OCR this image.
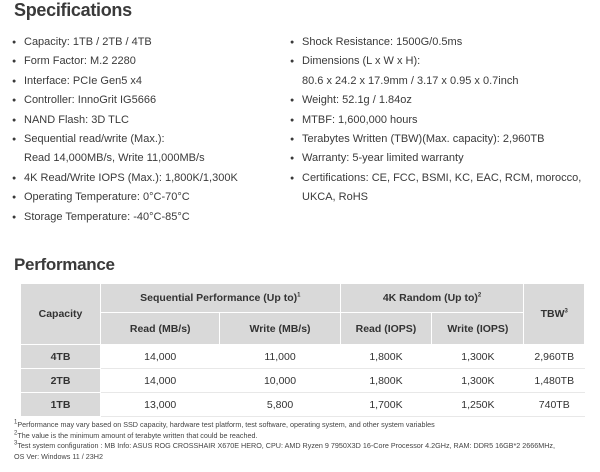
Specifications
● Capacity: 1TB / 2TB / 4TB
● Form Factor: M.2 2280
● Interface: PCIe Gen5 x4
● Controller: InnoGrit IG5666
● NAND Flash: 3D TLC
● Sequential read/write (Max.):
Read 14,000MB/s, Write 11,000MB/s
● 4K Read/Write IOPS (Max.): 1,800K/1,300K
● Operating Temperature: 0°C-70°C
● Storage Temperature: -40°C-85°C
● Shock Resistance: 1500G/0.5ms
● Dimensions (L x W x H):
80.6 x 24.2 x 17.9mm / 3.17 x 0.95 x 0.7inch
● Weight: 52.1g / 1.84oz
● MTBF: 1,600,000 hours
● Terabytes Written (TBW)(Max. capacity): 2,960TB
● Warranty: 5-year limited warranty
● Certifications: CE, FCC, BSMI, KC, EAC, RCM, morocco,
UKCA, RoHS
Performance
Capacity	Sequential Performance (Up to)$^1$		4K Random (Up to)$^2$		TBW$^3$
	Read (MB/s)	Write (MB/s)	Read (IOPS)	Write (IOPS)	
4TB	14,000	11,000	1,800K	1,300K	2,960TB
2TB	14,000	10,000	1,800K	1,300K	1,480TB
1TB	13,000	5,800	1,700K	1,250K	740TB
$^1$Performance may vary based on SSD capacity, hardware test platform, test software, operating system, and other system variables
$^2$The value is the minimum amount of terabyte written that could be reached.
$^3$Test system configuration : MB Info: ASUS ROG CROSSHAIR X670E HERO, CPU: AMD Ryzen 9 7950X3D 16-Core Processor 4.2GHz, RAM: DDR5 16GB*2 2666MHz,
OS Ver: Windows 11 / 23H2
